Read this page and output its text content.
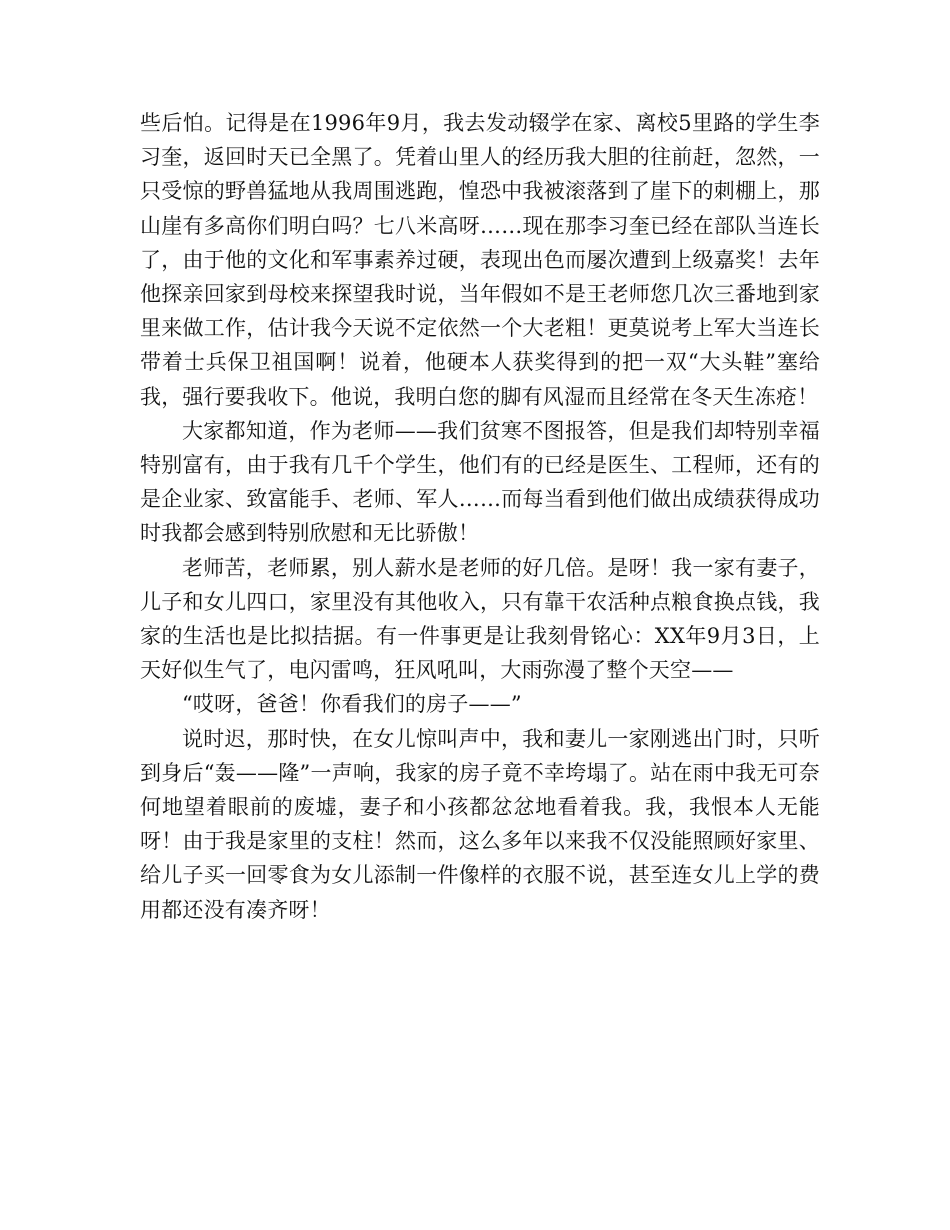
些后怕。记得是在1996年9月，我去发动辍学在家、离校5里路的学生李习奎，返回时天已全黑了。凭着山里人的经历我大胆的往前赶，忽然，一只受惊的野兽猛地从我周围逃跑，惶恐中我被滚落到了崖下的刺棚上，那山崖有多高你们明白吗？七八米高呀……现在那李习奎已经在部队当连长了，由于他的文化和军事素养过硬，表现出色而屡次遭到上级嘉奖！去年他探亲回家到母校来探望我时说，当年假如不是王老师您几次三番地到家里来做工作，估计我今天说不定依然一个大老粗！更莫说考上军大当连长带着士兵保卫祖国啊！说着，他硬本人获奖得到的把一双“大头鞋”塞给我，强行要我收下。他说，我明白您的脚有风湿而且经常在冬天生冻疮！

大家都知道，作为老师——我们贫寒不图报答，但是我们却特别幸福特别富有，由于我有几千个学生，他们有的已经是医生、工程师，还有的是企业家、致富能手、老师、军人……而每当看到他们做出成绩获得成功时我都会感到特别欣慰和无比骄傲！

老师苦，老师累，别人薪水是老师的好几倍。是呀！我一家有妻子，儿子和女儿四口，家里没有其他收入，只有靠干农活种点粮食换点钱，我家的生活也是比拟拮据。有一件事更是让我刻骨铭心：XX年9月3日，上天好似生气了，电闪雷鸣，狂风吼叫，大雨弥漫了整个天空——

“哎呀，爸爸！你看我们的房子——”

说时迟，那时快，在女儿惊叫声中，我和妻儿一家刚逃出门时，只听到身后“轰——隆”一声响，我家的房子竟不幸垮塌了。站在雨中我无可奈何地望着眼前的废墟，妻子和小孩都忿忿地看着我。我，我恨本人无能呀！由于我是家里的支柱！然而，这么多年以来我不仅没能照顾好家里、给儿子买一回零食为女儿添制一件像样的衣服不说，甚至连女儿上学的费用都还没有凑齐呀！
